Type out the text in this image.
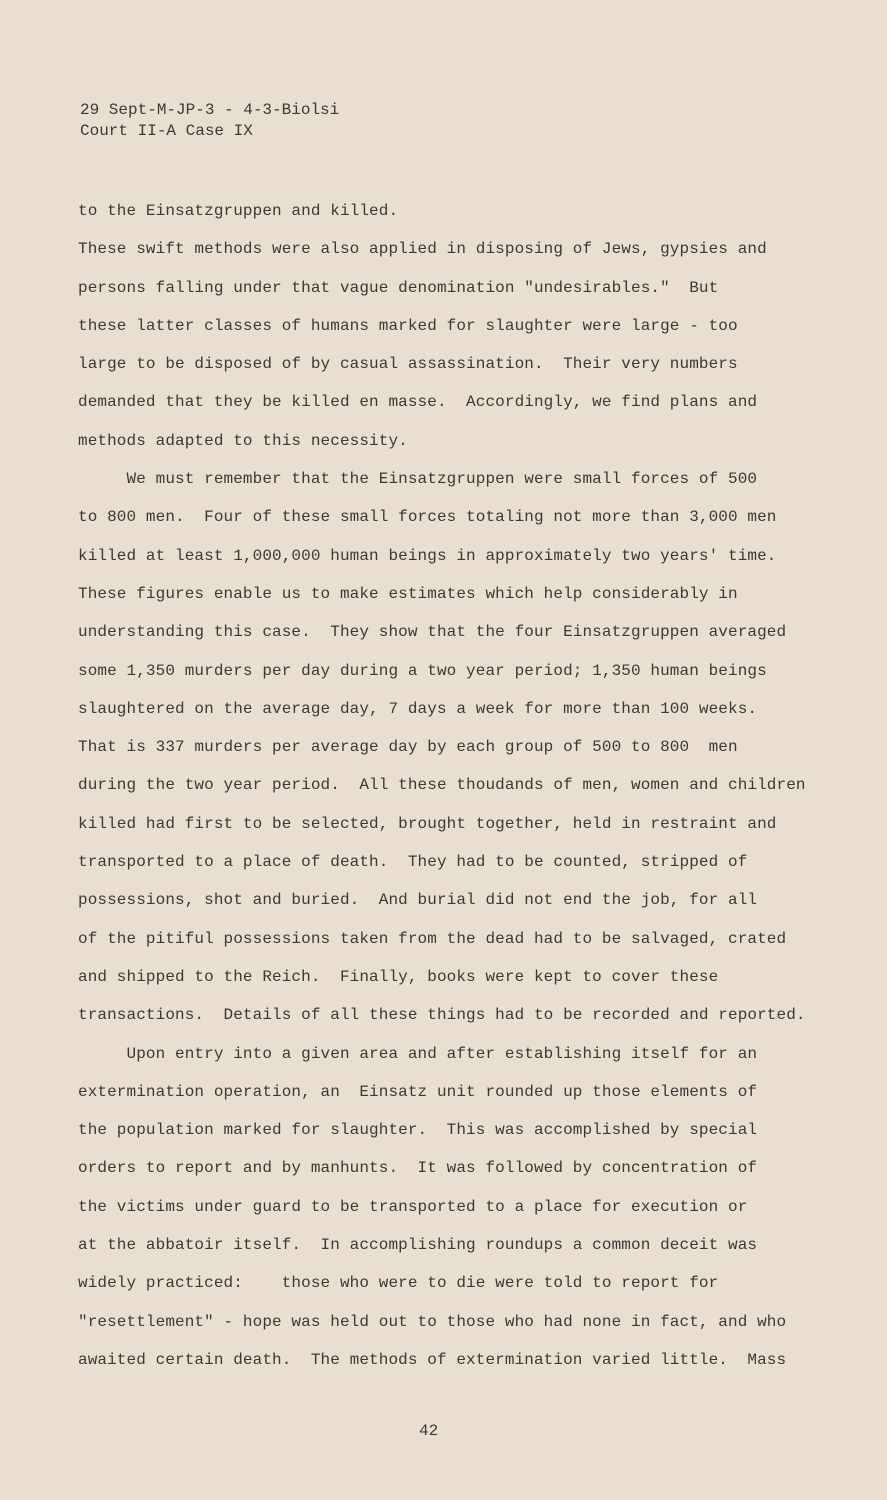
29 Sept-M-JP-3 - 4-3-Biolsi
Court II-A Case IX
to the Einsatzgruppen and killed.
These swift methods were also applied in disposing of Jews, gypsies and
persons falling under that vague denomination "undesirables."  But
these latter classes of humans marked for slaughter were large - too
large to be disposed of by casual assassination.  Their very numbers
demanded that they be killed en masse.  Accordingly, we find plans and
methods adapted to this necessity.
We must remember that the Einsatzgruppen were small forces of 500
to 800 men.  Four of these small forces totaling not more than 3,000 men
killed at least 1,000,000 human beings in approximately two years' time.
These figures enable us to make estimates which help considerably in
understanding this case.  They show that the four Einsatzgruppen averaged
some 1,350 murders per day during a two year period; 1,350 human beings
slaughtered on the average day, 7 days a week for more than 100 weeks.
That is 337 murders per average day by each group of 500 to 800  men
during the two year period.  All these thoudands of men, women and children
killed had first to be selected, brought together, held in restraint and
transported to a place of death.  They had to be counted, stripped of
possessions, shot and buried.  And burial did not end the job, for all
of the pitiful possessions taken from the dead had to be salvaged, crated
and shipped to the Reich.  Finally, books were kept to cover these
transactions.  Details of all these things had to be recorded and reported.
Upon entry into a given area and after establishing itself for an
extermination operation, an  Einsatz unit rounded up those elements of
the population marked for slaughter.  This was accomplished by special
orders to report and by manhunts.  It was followed by concentration of
the victims under guard to be transported to a place for execution or
at the abbatoir itself.  In accomplishing roundups a common deceit was
widely practiced:    those who were to die were told to report for
"resettlement" - hope was held out to those who had none in fact, and who
awaited certain death.  The methods of extermination varied little.  Mass
42
